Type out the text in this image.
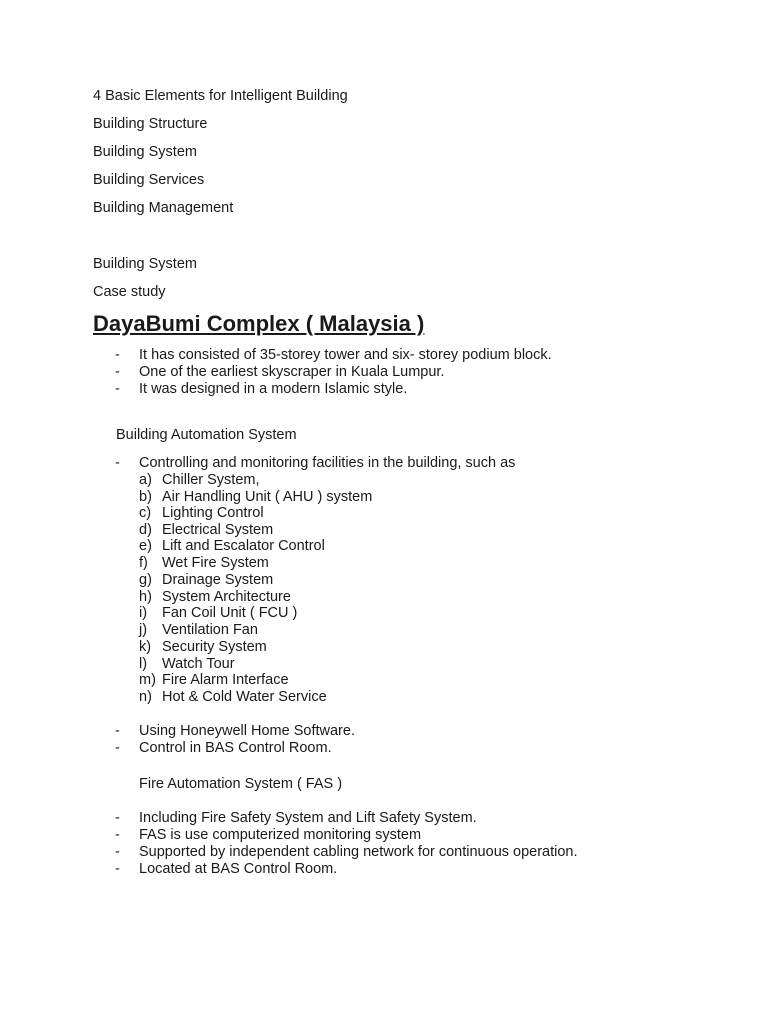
4 Basic Elements for Intelligent Building
Building Structure
Building System
Building Services
Building Management
Building System
Case study
DayaBumi Complex ( Malaysia )
- It has consisted of 35-storey tower and six- storey podium block.
- One of the earliest skyscraper in Kuala Lumpur.
- It was designed in a modern Islamic style.
Building Automation System
- Controlling and monitoring facilities in the building, such as
a) Chiller System,
b) Air Handling Unit ( AHU ) system
c) Lighting Control
d) Electrical System
e) Lift and Escalator Control
f) Wet Fire System
g) Drainage System
h) System Architecture
i) Fan Coil Unit ( FCU )
j) Ventilation Fan
k) Security System
l) Watch Tour
m) Fire Alarm Interface
n) Hot & Cold Water Service
- Using Honeywell Home Software.
- Control in BAS Control Room.
Fire Automation System ( FAS )
- Including Fire Safety System and Lift Safety System.
- FAS is use computerized monitoring system
- Supported by independent cabling network for continuous operation.
- Located at BAS Control Room.
